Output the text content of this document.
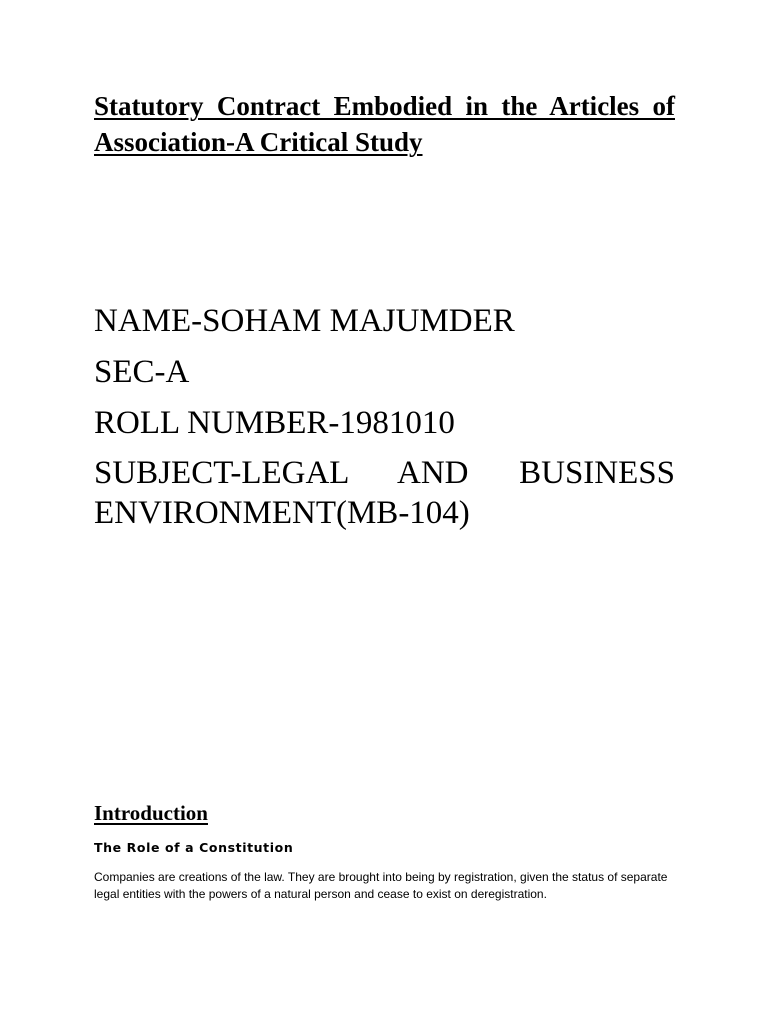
Statutory Contract Embodied in the Articles of Association-A Critical Study
NAME-SOHAM MAJUMDER
SEC-A
ROLL NUMBER-1981010
SUBJECT-LEGAL AND BUSINESS ENVIRONMENT(MB-104)
Introduction
The Role of a Constitution

Companies are creations of the law. They are brought into being by registration, given the status of separate legal entities with the powers of a natural person and cease to exist on deregistration.
